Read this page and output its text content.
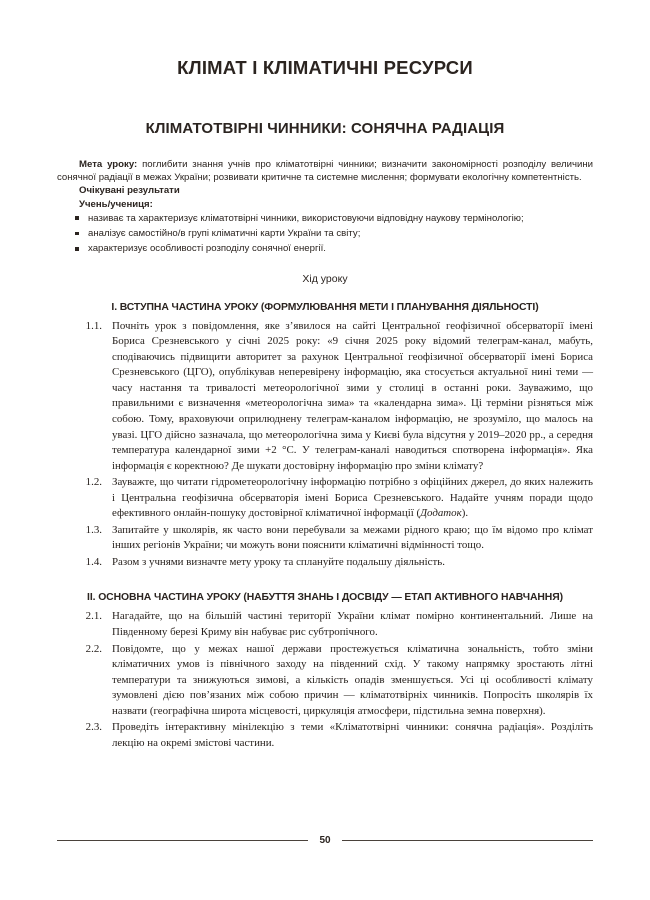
КЛІМАТ І КЛІМАТИЧНІ РЕСУРСИ
КЛІМАТОТВІРНІ ЧИННИКИ: СОНЯЧНА РАДІАЦІЯ

Мета уроку: поглибити знання учнів про кліматотвірні чинники; визначити закономірності розподілу величини сонячної радіації в межах України; розвивати критичне та системне мислення; формувати екологічну компетентність.

Очікувані результати

Учень/учениця:

називає та характеризує кліматотвірні чинники, використовуючи відповідну наукову термінологію;
аналізує самостійно/в групі кліматичні карти України та світу;
характеризує особливості розподілу сонячної енергії.

Хід уроку

I. ВСТУПНА ЧАСТИНА УРОКУ (ФОРМУЛЮВАННЯ МЕТИ І ПЛАНУВАННЯ ДІЯЛЬНОСТІ)
1.1. Почніть урок з повідомлення, яке з’явилося на сайті Центральної геофізичної обсерваторії імені Бориса Срезневського у січні 2025 року: «9 січня 2025 року відомий телеграм-канал, мабуть, сподіваючись підвищити авторитет за рахунок Центральної геофізичної обсерваторії імені Бориса Срезневського (ЦГО), опублікував неперевірену інформацію, яка стосується актуальної нині теми — часу настання та тривалості метеорологічної зими у столиці в останні роки. Зауважимо, що правильними є визначення «метеорологічна зима» та «календарна зима». Ці терміни різняться між собою. Тому, враховуючи оприлюднену телеграм-каналом інформацію, не зрозуміло, що малось на увазі. ЦГО дійсно зазначала, що метеорологічна зима у Києві була відсутня у 2019–2020 рр., а середня температура календарної зими +2 °C. У телеграм-каналі наводиться спотворена інформація». Яка інформація є коректною? Де шукати достовірну інформацію про зміни клімату?
1.2. Зауважте, що читати гідрометеорологічну інформацію потрібно з офіційних джерел, до яких належить і Центральна геофізична обсерваторія імені Бориса Срезневського. Надайте учням поради щодо ефективного онлайн-пошуку достовірної кліматичної інформації (Додаток).
1.3. Запитайте у школярів, як часто вони перебували за межами рідного краю; що їм відомо про клімат інших регіонів України; чи можуть вони пояснити кліматичні відмінності тощо.
1.4. Разом з учнями визначте мету уроку та сплануйте подальшу діяльність.
II. ОСНОВНА ЧАСТИНА УРОКУ (НАБУТТЯ ЗНАНЬ І ДОСВІДУ — ЕТАП АКТИВНОГО НАВЧАННЯ)
2.1. Нагадайте, що на більшій частині території України клімат помірно континентальний. Лише на Південному березі Криму він набуває рис субтропічного.
2.2. Повідомте, що у межах нашої держави простежується кліматична зональність, тобто зміни кліматичних умов із північного заходу на південний схід. У такому напрямку зростають літні температури та знижуються зимові, а кількість опадів зменшується. Усі ці особливості клімату зумовлені дією пов’язаних між собою причин — кліматотвірніх чинників. Попросіть школярів їх назвати (географічна широта місцевості, циркуляція атмосфери, підстильна земна поверхня).
2.3. Проведіть інтерактивну мінілекцію з теми «Кліматотвірні чинники: сонячна радіація». Розділіть лекцію на окремі змістові частини.
50
